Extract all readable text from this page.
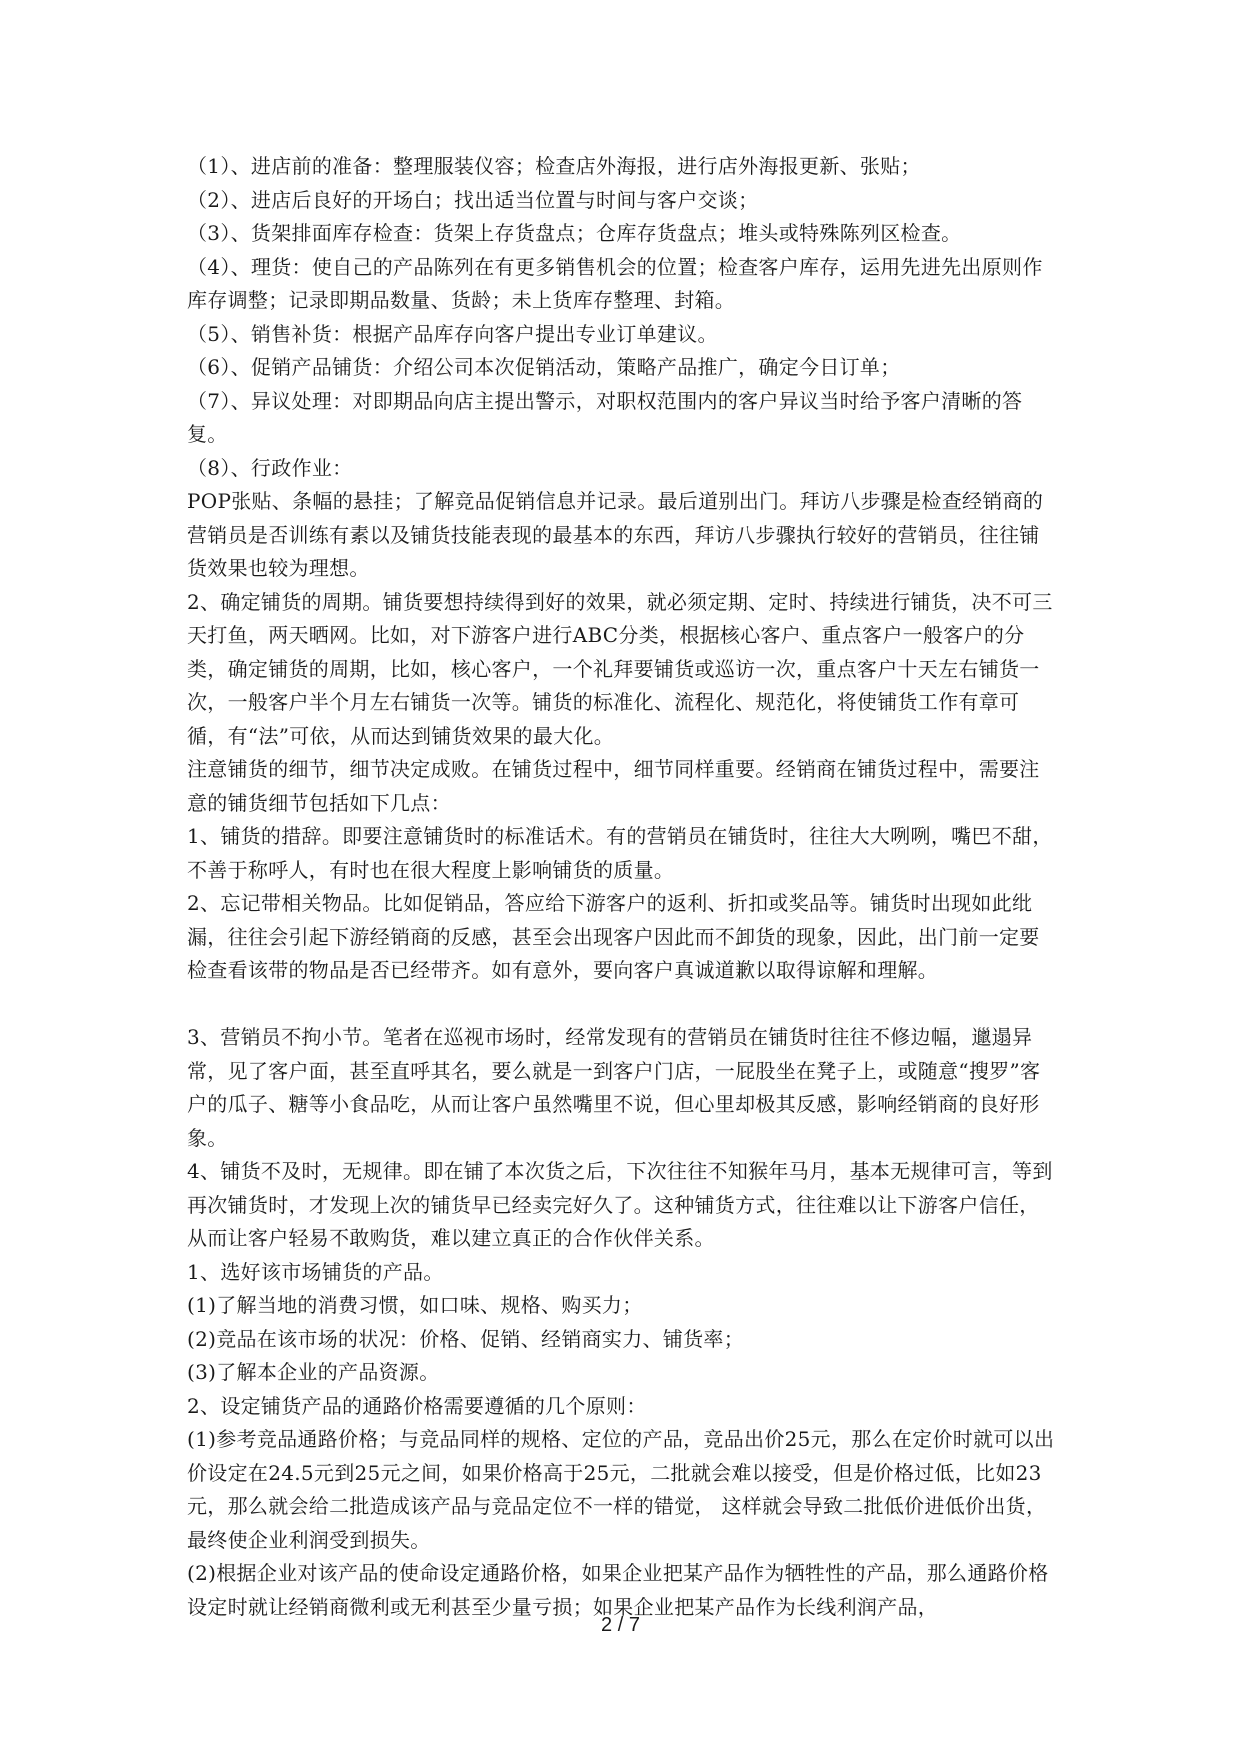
（1）、进店前的准备：整理服装仪容；检查店外海报，进行店外海报更新、张贴；

（2）、进店后良好的开场白；找出适当位置与时间与客户交谈；

（3）、货架排面库存检查：货架上存货盘点；仓库存货盘点；堆头或特殊陈列区检查。

（4）、理货：使自己的产品陈列在有更多销售机会的位置；检查客户库存，运用先进先出原则作库存调整；记录即期品数量、货龄；未上货库存整理、封箱。

（5）、销售补货：根据产品库存向客户提出专业订单建议。

（6）、促销产品铺货：介绍公司本次促销活动，策略产品推广，确定今日订单；

（7）、异议处理：对即期品向店主提出警示，对职权范围内的客户异议当时给予客户清晰的答复。

（8）、行政作业：

POP张贴、条幅的悬挂；了解竞品促销信息并记录。最后道别出门。拜访八步骤是检查经销商的营销员是否训练有素以及铺货技能表现的最基本的东西，拜访八步骤执行较好的营销员，往往铺货效果也较为理想。

2、确定铺货的周期。铺货要想持续得到好的效果，就必须定期、定时、持续进行铺货，决不可三天打鱼，两天晒网。比如，对下游客户进行ABC分类，根据核心客户、重点客户一般客户的分类，确定铺货的周期，比如，核心客户，一个礼拜要铺货或巡访一次，重点客户十天左右铺货一次，一般客户半个月左右铺货一次等。铺货的标准化、流程化、规范化，将使铺货工作有章可循，有“法”可依，从而达到铺货效果的最大化。

注意铺货的细节，细节决定成败。在铺货过程中，细节同样重要。经销商在铺货过程中，需要注意的铺货细节包括如下几点：

1、铺货的措辞。即要注意铺货时的标准话术。有的营销员在铺货时，往往大大咧咧，嘴巴不甜，不善于称呼人，有时也在很大程度上影响铺货的质量。

2、忘记带相关物品。比如促销品，答应给下游客户的返利、折扣或奖品等。铺货时出现如此纰漏，往往会引起下游经销商的反感，甚至会出现客户因此而不卸货的现象，因此，出门前一定要检查看该带的物品是否已经带齐。如有意外，要向客户真诚道歉以取得谅解和理解。

3、营销员不拘小节。笔者在巡视市场时，经常发现有的营销员在铺货时往往不修边幅，邋遢异常，见了客户面，甚至直呼其名，要么就是一到客户门店，一屁股坐在凳子上，或随意“搜罗”客户的瓜子、糖等小食品吃，从而让客户虽然嘴里不说，但心里却极其反感，影响经销商的良好形象。

4、铺货不及时，无规律。即在铺了本次货之后，下次往往不知猴年马月，基本无规律可言，等到再次铺货时，才发现上次的铺货早已经卖完好久了。这种铺货方式，往往难以让下游客户信任，从而让客户轻易不敢购货，难以建立真正的合作伙伴关系。

1、选好该市场铺货的产品。

(1)了解当地的消费习惯，如口味、规格、购买力；

(2)竞品在该市场的状况：价格、促销、经销商实力、铺货率；

(3)了解本企业的产品资源。

2、设定铺货产品的通路价格需要遵循的几个原则：

(1)参考竞品通路价格；与竞品同样的规格、定位的产品，竞品出价25元，那么在定价时就可以出价设定在24.5元到25元之间，如果价格高于25元，二批就会难以接受，但是价格过低，比如23元，那么就会给二批造成该产品与竞品定位不一样的错觉， 这样就会导致二批低价进低价出货，最终使企业利润受到损失。

(2)根据企业对该产品的使命设定通路价格，如果企业把某产品作为牺牲性的产品，那么通路价格设定时就让经销商微利或无利甚至少量亏损；如果企业把某产品作为长线利润产品，

2 / 7
